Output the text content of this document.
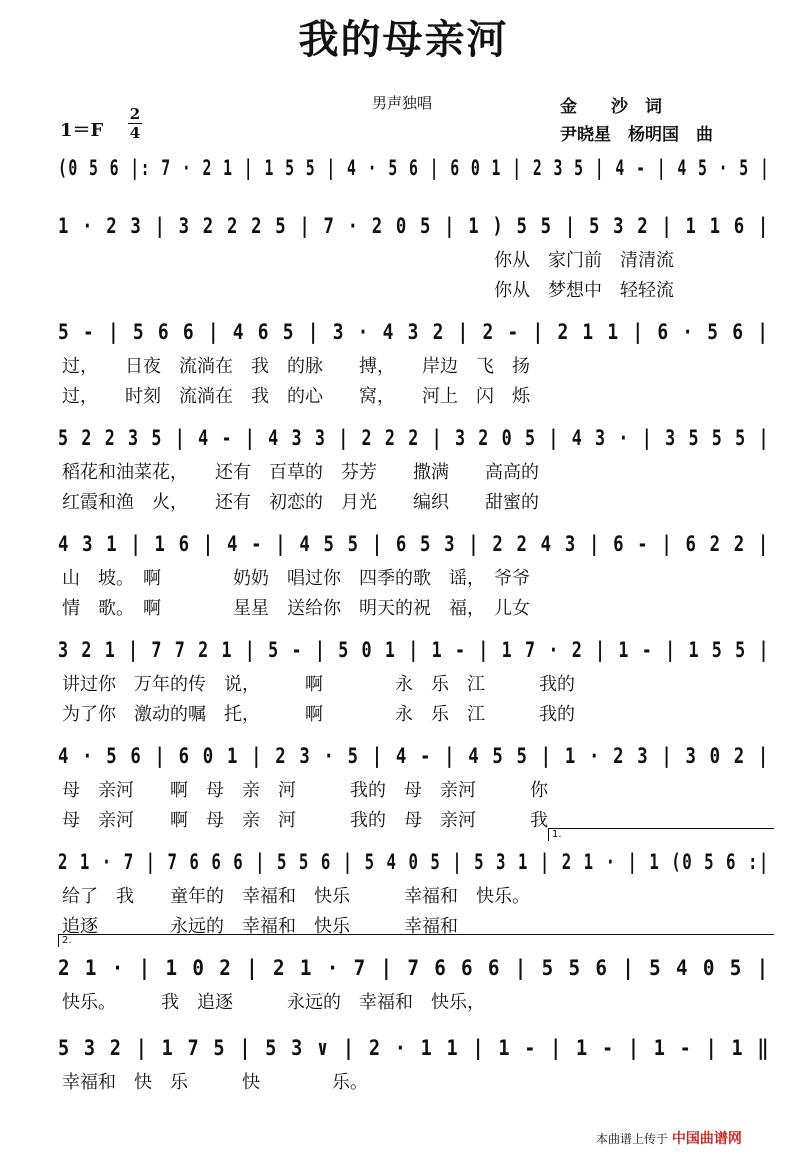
我的母亲河
男声独唱	金　　沙　词
尹晓星　杨明国　曲
1＝F
2
4
(0 5 6 |: 7 · 2 1 | 1 5 5 | 4 · 5 6 | 6 0 1 | 2 3 5 | 4 - | 4 5 · 5 |
1 · 2 3 | 3 2 2 2 5 | 7 · 2 0 5 | 1 ) 5 5 | 5 3 2 | 1 1 6 |
　　　　　　　　　　　　　　　　　　　　　　　　你从　家门前　清清流
　　　　　　　　　　　　　　　　　　　　　　　　你从　梦想中　轻轻流
5 - | 5 6 6 | 4 6 5 | 3 · 4 3 2 | 2 - | 2 1 1 | 6 · 5 6 |
过，　　日夜　流淌在　我　的脉　　搏，　　岸边　飞　扬
过，　　时刻　流淌在　我　的心　　窝，　　河上　闪　烁
5 2 2 3 5 | 4 - | 4 3 3 | 2 2 2 | 3 2 0 5 | 4 3 · | 3 5 5 5 |
稻花和油菜花，　　还有　百草的　芬芳　　撒满　　高高的
红霞和渔　火，　　还有　初恋的　月光　　编织　　甜蜜的
4 3 1 | 1 6 | 4 - | 4 5 5 | 6 5 3 | 2 2 4 3 | 6 - | 6 2 2 |
山　坡。　啊　　　　奶奶　唱过你　四季的歌　谣，　爷爷
情　歌。　啊　　　　星星　送给你　明天的祝　福，　儿女
3 2 1 | 7 7 2 1 | 5 - | 5 0 1 | 1 - | 1 7 · 2 | 1 - | 1 5 5 |
讲过你　万年的传　说，　　　啊　　　　永　乐　江　　　我的
为了你　激动的嘱　托，　　　啊　　　　永　乐　江　　　我的
4 · 5 6 | 6 0 1 | 2 3 · 5 | 4 - | 4 5 5 | 1 · 2 3 | 3 0 2 |
母　亲河　　啊　母　亲　河　　　我的　母　亲河　　　你
母　亲河　　啊　母　亲　河　　　我的　母　亲河　　　我
2 1 · 7 | 7 6 6 6 | 5 5 6 | 5 4 0 5 | 5 3 1 | 2 1 · | 1 (0 5 6 :|
1.
给了　我　　童年的　幸福和　快乐　　　幸福和　快乐。
追逐　　　　永远的　幸福和　快乐　　　幸福和
2 1 · | 1 0 2 | 2 1 · 7 | 7 6 6 6 | 5 5 6 | 5 4 0 5 |
2.
快乐。　　　我　追逐　　　永远的　幸福和　快乐，
5 3 2 | 1 7 5 | 5 3 ∨ | 2 · 1 1 | 1 - | 1 - | 1 - | 1 ‖
幸福和　快　乐　　　快　　　　乐。
本曲谱上传于 中国曲谱网
